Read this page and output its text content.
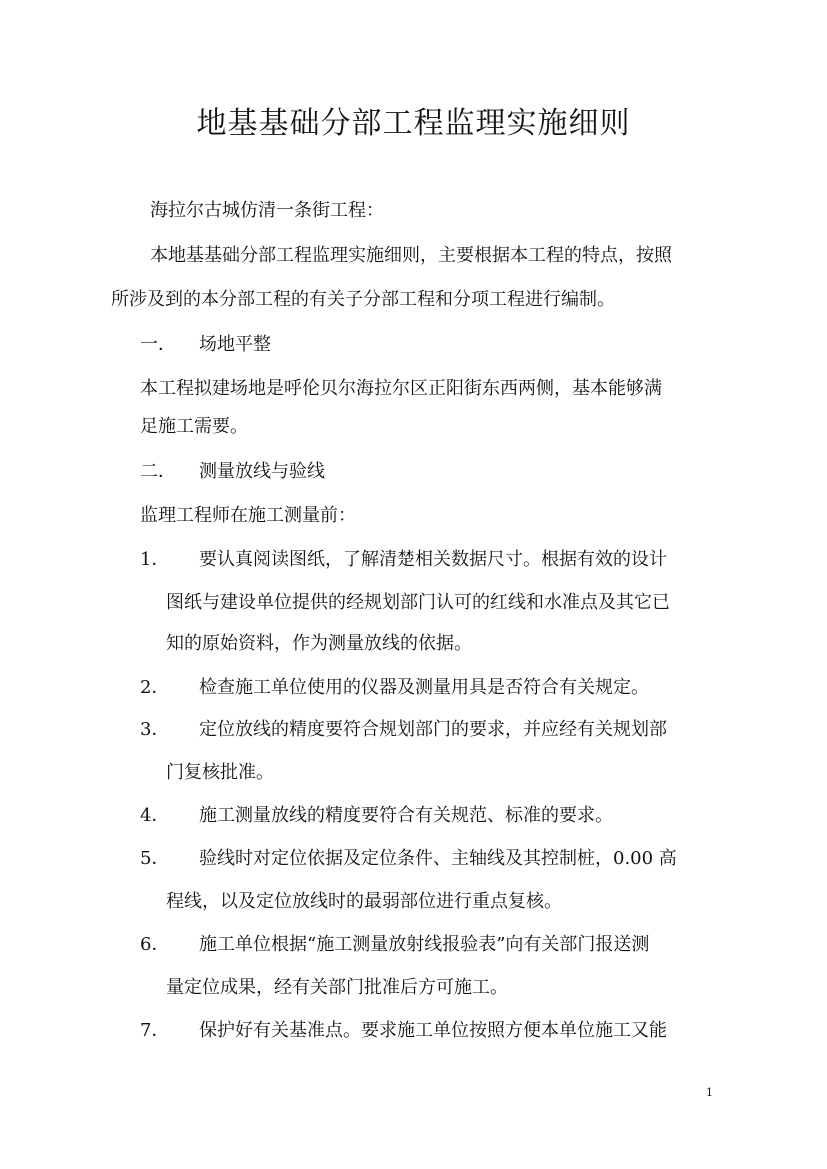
地基基础分部工程监理实施细则
海拉尔古城仿清一条街工程：
本地基基础分部工程监理实施细则，主要根据本工程的特点，按照
所涉及到的本分部工程的有关子分部工程和分项工程进行编制。
一． 场地平整
本工程拟建场地是呼伦贝尔海拉尔区正阳街东西两侧，基本能够满
足施工需要。
二． 测量放线与验线
监理工程师在施工测量前：
1． 要认真阅读图纸，了解清楚相关数据尺寸。根据有效的设计
图纸与建设单位提供的经规划部门认可的红线和水准点及其它已
知的原始资料，作为测量放线的依据。
2． 检查施工单位使用的仪器及测量用具是否符合有关规定。
3． 定位放线的精度要符合规划部门的要求，并应经有关规划部
门复核批准。
4． 施工测量放线的精度要符合有关规范、标准的要求。
5． 验线时对定位依据及定位条件、主轴线及其控制桩，0.00 高
程线，以及定位放线时的最弱部位进行重点复核。
6． 施工单位根据“施工测量放射线报验表”向有关部门报送测
量定位成果，经有关部门批准后方可施工。
7． 保护好有关基准点。要求施工单位按照方便本单位施工又能
1
